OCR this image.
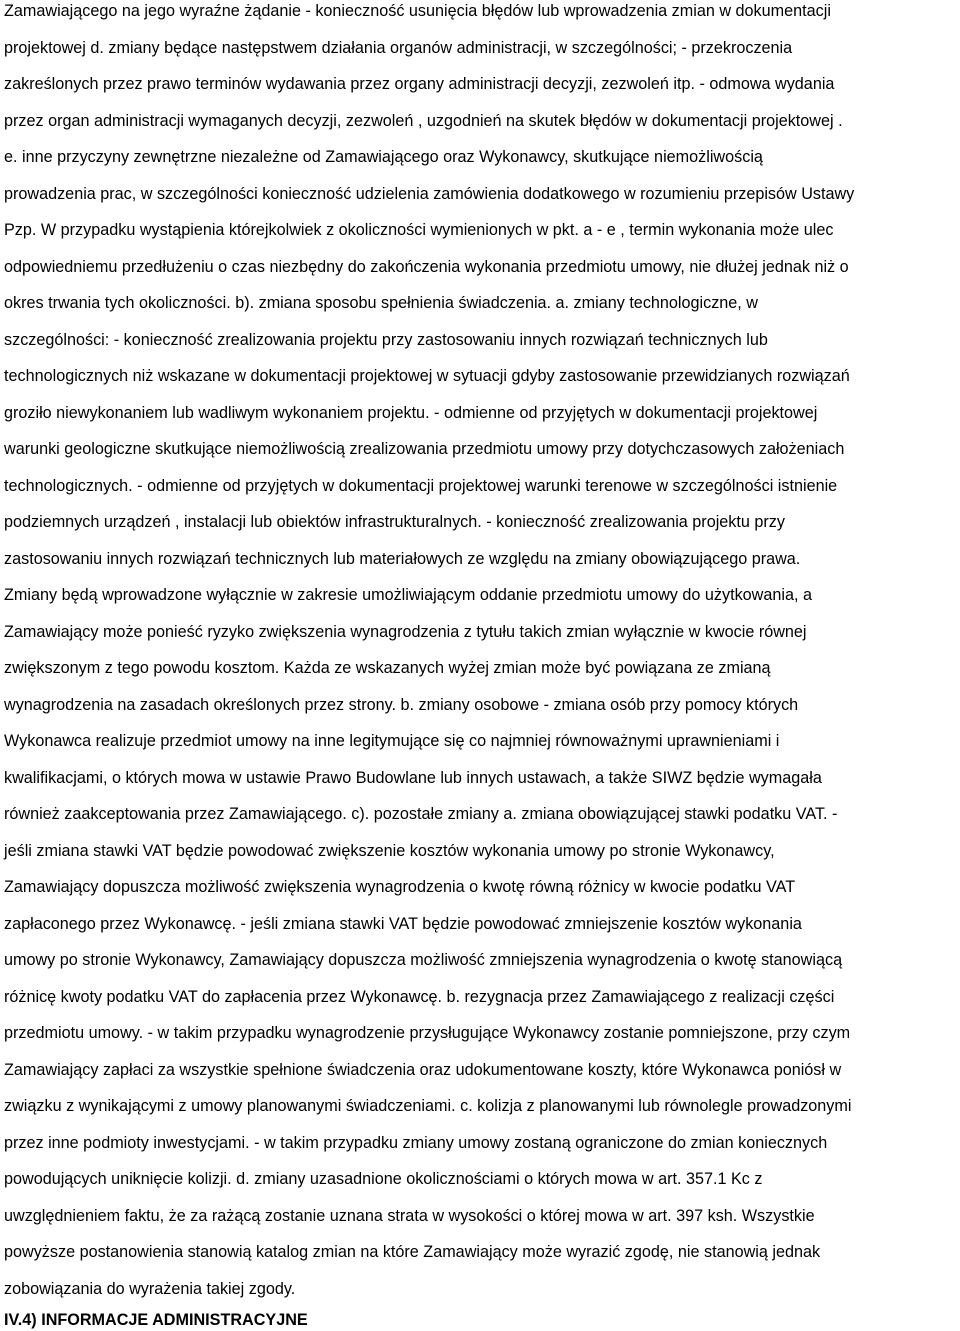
Zamawiającego na jego wyraźne żądanie - konieczność usunięcia błędów lub wprowadzenia zmian w dokumentacji
projektowej d. zmiany będące następstwem działania organów administracji, w szczególności; - przekroczenia
zakreślonych przez prawo terminów wydawania przez organy administracji decyzji, zezwoleń itp. - odmowa wydania
przez organ administracji wymaganych decyzji, zezwoleń , uzgodnień na skutek błędów w dokumentacji projektowej .
e. inne przyczyny zewnętrzne niezależne od Zamawiającego oraz Wykonawcy, skutkujące niemożliwością
prowadzenia prac, w szczególności konieczność udzielenia zamówienia dodatkowego w rozumieniu przepisów Ustawy
Pzp. W przypadku wystąpienia którejkolwiek z okoliczności wymienionych w pkt. a - e , termin wykonania może ulec
odpowiedniemu przedłużeniu o czas niezbędny do zakończenia wykonania przedmiotu umowy, nie dłużej jednak niż o
okres trwania tych okoliczności. b). zmiana sposobu spełnienia świadczenia. a. zmiany technologiczne, w
szczególności: - konieczność zrealizowania projektu przy zastosowaniu innych rozwiązań technicznych lub
technologicznych niż wskazane w dokumentacji projektowej w sytuacji gdyby zastosowanie przewidzianych rozwiązań
groziło niewykonaniem lub wadliwym wykonaniem projektu. - odmienne od przyjętych w dokumentacji projektowej
warunki geologiczne skutkujące niemożliwością zrealizowania przedmiotu umowy przy dotychczasowych założeniach
technologicznych. - odmienne od przyjętych w dokumentacji projektowej warunki terenowe w szczególności istnienie
podziemnych urządzeń , instalacji lub obiektów infrastrukturalnych. - konieczność zrealizowania projektu przy
zastosowaniu innych rozwiązań technicznych lub materiałowych ze względu na zmiany obowiązującego prawa.
Zmiany będą wprowadzone wyłącznie w zakresie umożliwiającym oddanie przedmiotu umowy do użytkowania, a
Zamawiający może ponieść ryzyko zwiększenia wynagrodzenia z tytułu takich zmian wyłącznie w kwocie równej
zwiększonym z tego powodu kosztom. Każda ze wskazanych wyżej zmian może być powiązana ze zmianą
wynagrodzenia na zasadach określonych przez strony. b. zmiany osobowe - zmiana osób przy pomocy których
Wykonawca realizuje przedmiot umowy na inne legitymujące się co najmniej równoważnymi uprawnieniami i
kwalifikacjami, o których mowa w ustawie Prawo Budowlane lub innych ustawach, a także SIWZ będzie wymagała
również zaakceptowania przez Zamawiającego. c). pozostałe zmiany a. zmiana obowiązującej stawki podatku VAT. -
jeśli zmiana stawki VAT będzie powodować zwiększenie kosztów wykonania umowy po stronie Wykonawcy,
Zamawiający dopuszcza możliwość zwiększenia wynagrodzenia o kwotę równą różnicy w kwocie podatku VAT
zapłaconego przez Wykonawcę. - jeśli zmiana stawki VAT będzie powodować zmniejszenie kosztów wykonania
umowy po stronie Wykonawcy, Zamawiający dopuszcza możliwość zmniejszenia wynagrodzenia o kwotę stanowiącą
różnicę kwoty podatku VAT do zapłacenia przez Wykonawcę. b. rezygnacja przez Zamawiającego z realizacji części
przedmiotu umowy. - w takim przypadku wynagrodzenie przysługujące Wykonawcy zostanie pomniejszone, przy czym
Zamawiający zapłaci za wszystkie spełnione świadczenia oraz udokumentowane koszty, które Wykonawca poniósł w
związku z wynikającymi z umowy planowanymi świadczeniami. c. kolizja z planowanymi lub równolegle prowadzonymi
przez inne podmioty inwestycjami. - w takim przypadku zmiany umowy zostaną ograniczone do zmian koniecznych
powodujących uniknięcie kolizji. d. zmiany uzasadnione okolicznościami o których mowa w art. 357.1 Kc z
uwzględnieniem faktu, że za rażącą zostanie uznana strata w wysokości o której mowa w art. 397 ksh. Wszystkie
powyższe postanowienia stanowią katalog zmian na które Zamawiający może wyrazić zgodę, nie stanowią jednak
zobowiązania do wyrażenia takiej zgody.
IV.4) INFORMACJE ADMINISTRACYJNE
